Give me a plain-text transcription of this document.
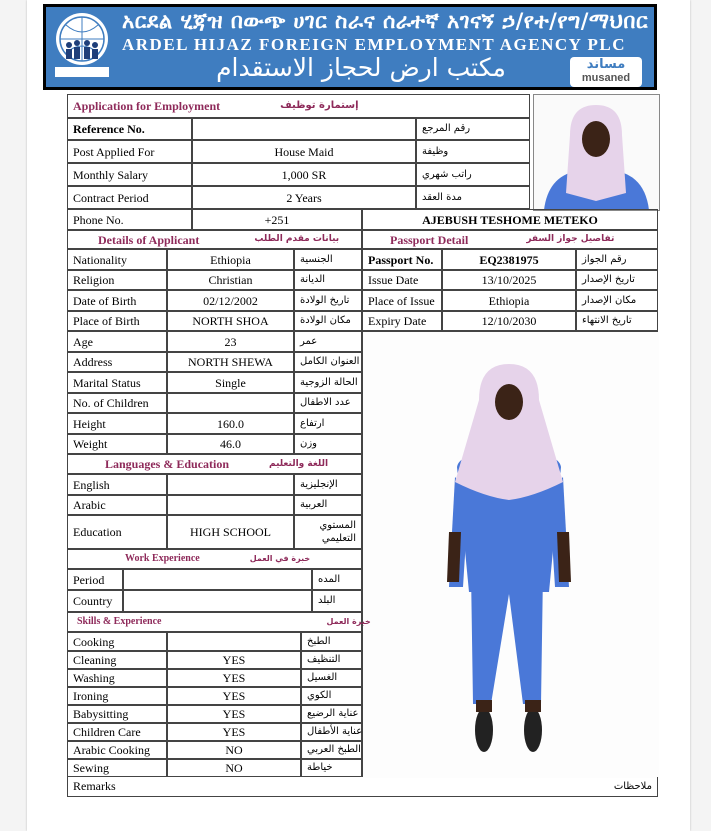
አርደል ሂጃዝ በውጭ ሀገር ስራና ሰራተኛ አገናኝ ኃ/የተ/የግ/ማህበር
ARDEL HIJAZ FOREIGN EMPLOYMENT AGENCY PLC
مكتب ارض لحجاز الاستقدام	مساند
musaned
Application for Employment	إستمارة توظيف
Reference No.	رقم المرجع
Post Applied For	House Maid	وظيفة
Monthly Salary	1,000 SR	راتب شهري
Contract Period	2 Years	مدة العقد
Phone No.	+251	AJEBUSH TESHOME METEKO
Details of Applicant	بيانات مقدم الطلب	Passport Detail	تفاصيل جواز السفر
Nationality	Ethiopia	الجنسية
Religion	Christian	الديانة
Date of Birth	02/12/2002	تاريخ الولادة
Place of Birth	NORTH SHOA	مكان الولادة
Age	23	عمر
Address	NORTH SHEWA	العنوان الكامل
Marital Status	Single	الحالة الزوجية
No. of Children	عدد الاطفال
Height	160.0	ارتفاع
Weight	46.0	وزن
Passport No.	EQ2381975	رقم الجواز
Issue Date	13/10/2025	تاريخ الإصدار
Place of Issue	Ethiopia	مكان الإصدار
Expiry Date	12/10/2030	تاريخ الانتهاء
Languages & Education	اللغة والتعليم
English	الإنجليزية
Arabic	العربية
Education	HIGH SCHOOL	المستوي التعليمي
Work Experience	خبرة في العمل
Period	المده
Country	البلد
Skills & Experience	خبرة العمل
Cooking	الطبخ
Cleaning	YES	التنظيف
Washing	YES	الغسيل
Ironing	YES	الكوي
Babysitting	YES	عناية الرضيع
Children Care	YES	عناية الأطفال
Arabic Cooking	NO	الطبخ العربي
Sewing	NO	خياطة
Remarks	ملاحظات
